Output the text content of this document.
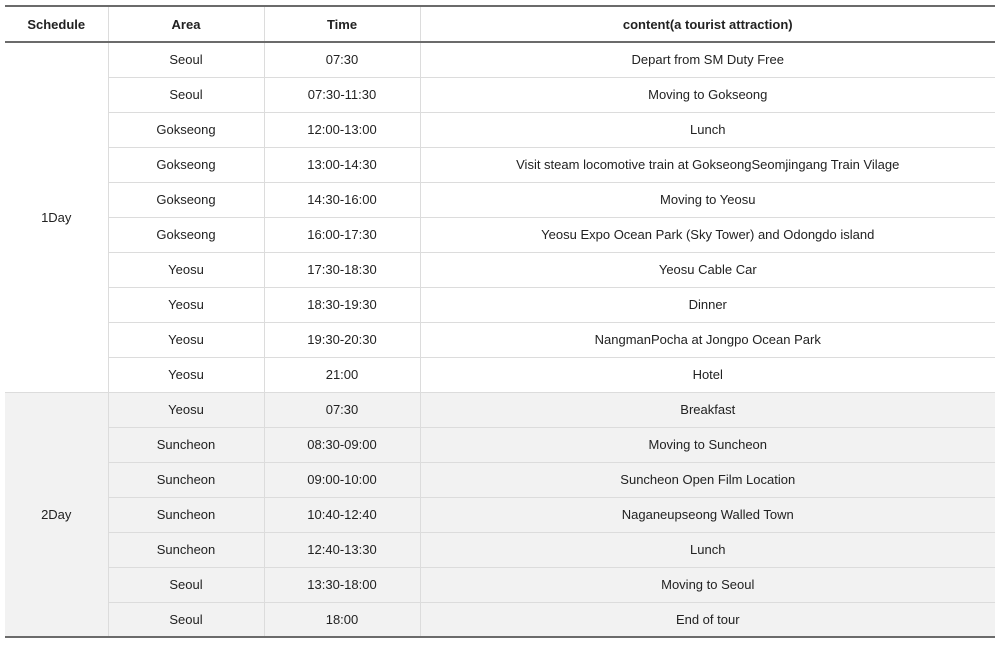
Schedule	Area	Time	content(a tourist attraction)
1Day	Seoul	07:30	Depart from SM Duty Free
	Seoul	07:30-11:30	Moving to Gokseong
	Gokseong	12:00-13:00	Lunch
	Gokseong	13:00-14:30	Visit steam locomotive train at GokseongSeomjingang Train Vilage
	Gokseong	14:30-16:00	Moving to Yeosu
	Gokseong	16:00-17:30	Yeosu Expo Ocean Park (Sky Tower) and Odongdo island
	Yeosu	17:30-18:30	Yeosu Cable Car
	Yeosu	18:30-19:30	Dinner
	Yeosu	19:30-20:30	NangmanPocha at Jongpo Ocean Park
	Yeosu	21:00	Hotel
2Day	Yeosu	07:30	Breakfast
	Suncheon	08:30-09:00	Moving to Suncheon
	Suncheon	09:00-10:00	Suncheon Open Film Location
	Suncheon	10:40-12:40	Naganeupseong Walled Town
	Suncheon	12:40-13:30	Lunch
	Seoul	13:30-18:00	Moving to Seoul
	Seoul	18:00	End of tour
